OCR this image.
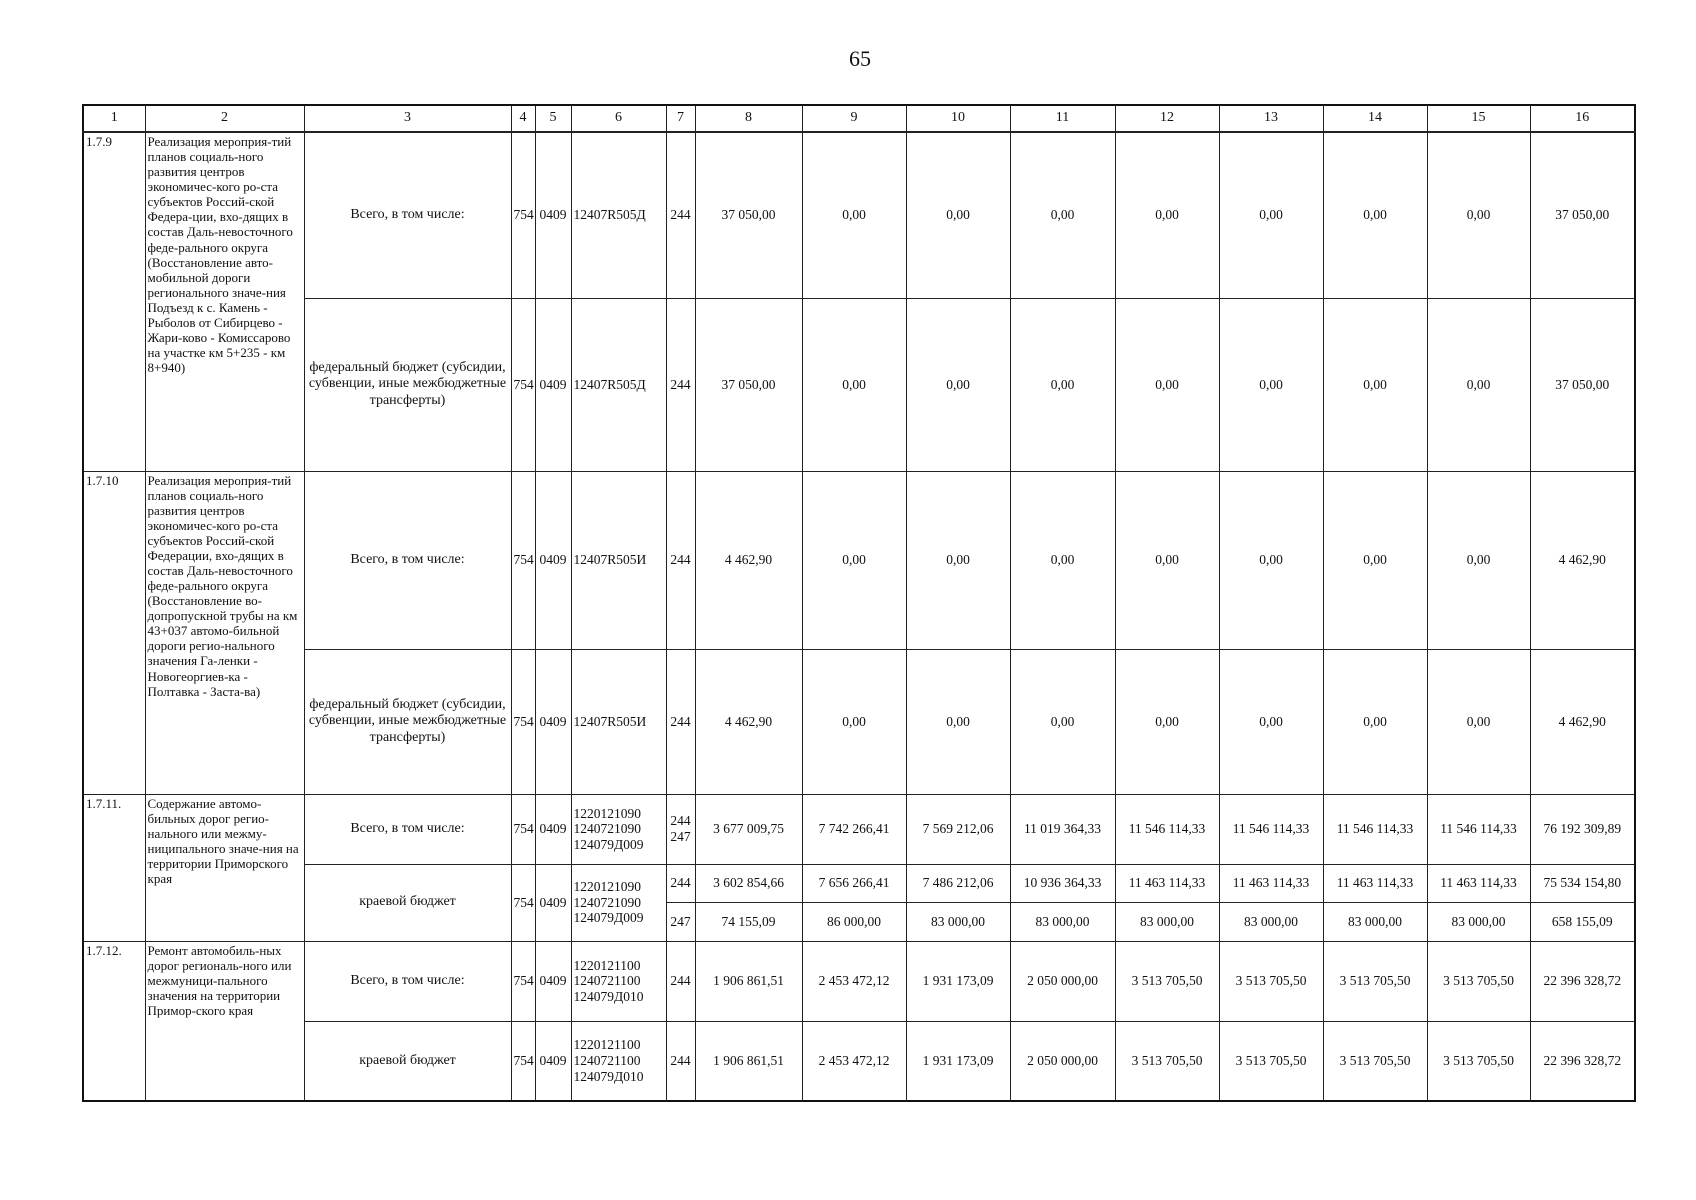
65
1	2	3	4	5	6	7	8	9	10	11	12	13	14	15	16
1.7.9	Реализация мероприя-тий планов социаль-ного развития центров экономичес-кого ро-ста субъектов Россий-ской Федера-ции, вхо-дящих в состав Даль-невосточного феде-рального округа (Восстановление авто-мобильной дороги регионального значе-ния Подъезд к с. Камень - Рыболов от Сибирцево - Жари-ково - Комиссарово на участке км 5+235 - км 8+940)	Всего, в том числе:	754	0409	12407R505Д	244	37 050,00	0,00	0,00	0,00	0,00	0,00	0,00	0,00	37 050,00
		федеральный бюджет (субсидии, субвенции, иные межбюджетные трансферты)	754	0409	12407R505Д	244	37 050,00	0,00	0,00	0,00	0,00	0,00	0,00	0,00	37 050,00
1.7.10	Реализация мероприя-тий планов социаль-ного развития центров экономичес-кого ро-ста субъектов Россий-ской Федерации, вхо-дящих в состав Даль-невосточного феде-рального округа (Восстановление во-допропускной трубы на км 43+037 автомо-бильной дороги регио-нального значения Га-ленки - Новогеоргиев-ка - Полтавка - Заста-ва)	Всего, в том числе:	754	0409	12407R505И	244	4 462,90	0,00	0,00	0,00	0,00	0,00	0,00	0,00	4 462,90
		федеральный бюджет (субсидии, субвенции, иные межбюджетные трансферты)	754	0409	12407R505И	244	4 462,90	0,00	0,00	0,00	0,00	0,00	0,00	0,00	4 462,90
1.7.11.	Содержание автомо-бильных дорог регио-нального или межму-ниципального значе-ния на территории Приморского края	Всего, в том числе:	754	0409	1220121090 1240721090 124079Д009	244 247	3 677 009,75	7 742 266,41	7 569 212,06	11 019 364,33	11 546 114,33	11 546 114,33	11 546 114,33	11 546 114,33	76 192 309,89
		краевой бюджет	754	0409	1220121090 1240721090 124079Д009	244	3 602 854,66	7 656 266,41	7 486 212,06	10 936 364,33	11 463 114,33	11 463 114,33	11 463 114,33	11 463 114,33	75 534 154,80
						247	74 155,09	86 000,00	83 000,00	83 000,00	83 000,00	83 000,00	83 000,00	83 000,00	658 155,09
1.7.12.	Ремонт автомобиль-ных дорог региональ-ного или межмуници-пального значения на территории Примор-ского края	Всего, в том числе:	754	0409	1220121100 1240721100 124079Д010	244	1 906 861,51	2 453 472,12	1 931 173,09	2 050 000,00	3 513 705,50	3 513 705,50	3 513 705,50	3 513 705,50	22 396 328,72
		краевой бюджет	754	0409	1220121100 1240721100 124079Д010	244	1 906 861,51	2 453 472,12	1 931 173,09	2 050 000,00	3 513 705,50	3 513 705,50	3 513 705,50	3 513 705,50	22 396 328,72
